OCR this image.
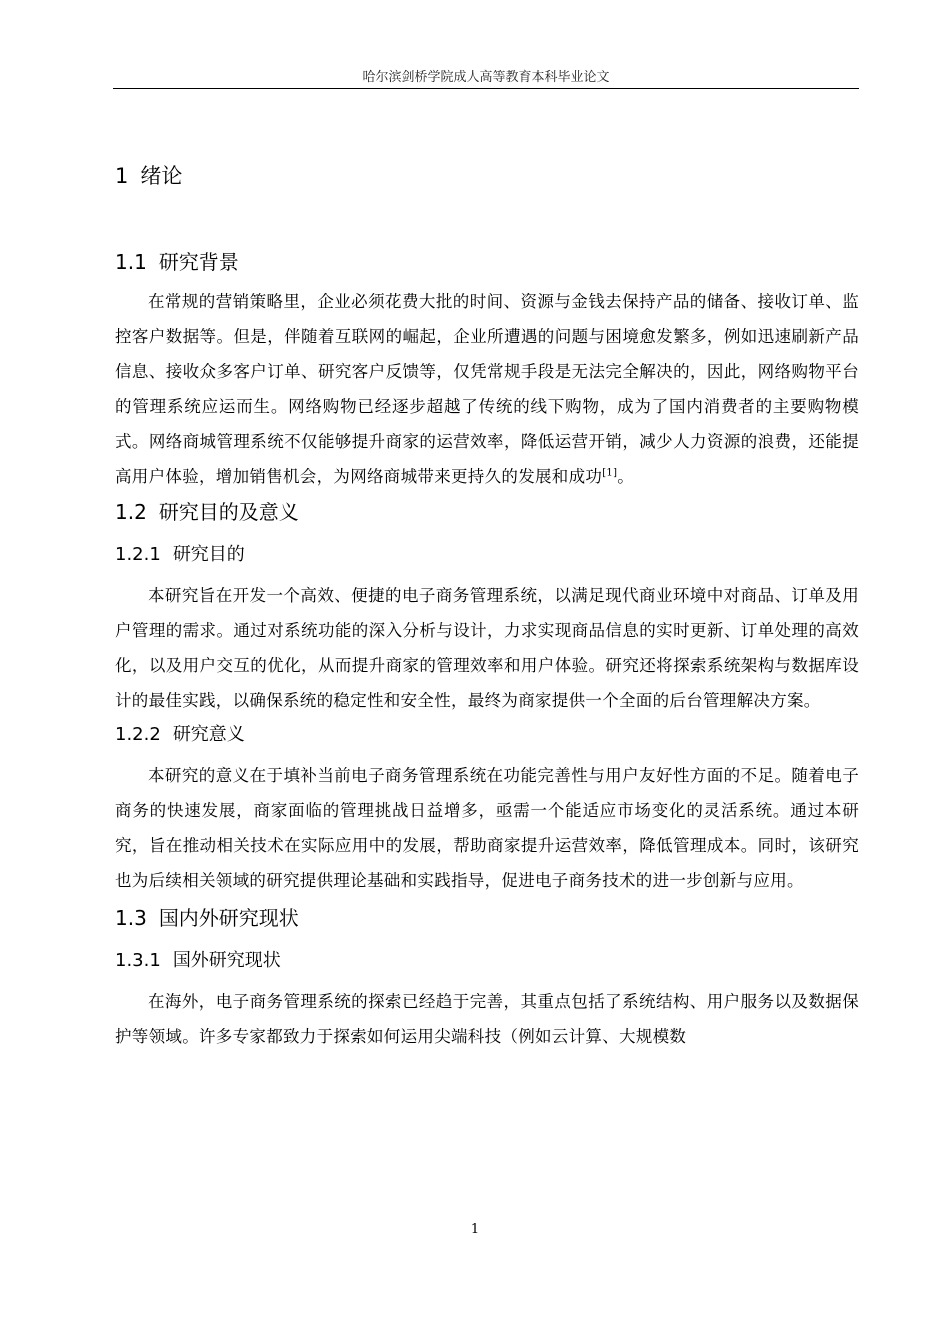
哈尔滨剑桥学院成人高等教育本科毕业论文
1 绪论
1.1 研究背景

在常规的营销策略里，企业必须花费大批的时间、资源与金钱去保持产品的储备、接收订单、监控客户数据等。但是，伴随着互联网的崛起，企业所遭遇的问题与困境愈发繁多，例如迅速刷新产品信息、接收众多客户订单、研究客户反馈等，仅凭常规手段是无法完全解决的，因此，网络购物平台的管理系统应运而生。网络购物已经逐步超越了传统的线下购物，成为了国内消费者的主要购物模式。网络商城管理系统不仅能够提升商家的运营效率，降低运营开销，减少人力资源的浪费，还能提高用户体验，增加销售机会，为网络商城带来更持久的发展和成功[1]。

1.2 研究目的及意义
1.2.1 研究目的

本研究旨在开发一个高效、便捷的电子商务管理系统，以满足现代商业环境中对商品、订单及用户管理的需求。通过对系统功能的深入分析与设计，力求实现商品信息的实时更新、订单处理的高效化，以及用户交互的优化，从而提升商家的管理效率和用户体验。研究还将探索系统架构与数据库设计的最佳实践，以确保系统的稳定性和安全性，最终为商家提供一个全面的后台管理解决方案。

1.2.2 研究意义

本研究的意义在于填补当前电子商务管理系统在功能完善性与用户友好性方面的不足。随着电子商务的快速发展，商家面临的管理挑战日益增多，亟需一个能适应市场变化的灵活系统。通过本研究，旨在推动相关技术在实际应用中的发展，帮助商家提升运营效率，降低管理成本。同时，该研究也为后续相关领域的研究提供理论基础和实践指导，促进电子商务技术的进一步创新与应用。

1.3 国内外研究现状
1.3.1 国外研究现状

在海外，电子商务管理系统的探索已经趋于完善，其重点包括了系统结构、用户服务以及数据保护等领域。许多专家都致力于探索如何运用尖端科技（例如云计算、大规模数

1
